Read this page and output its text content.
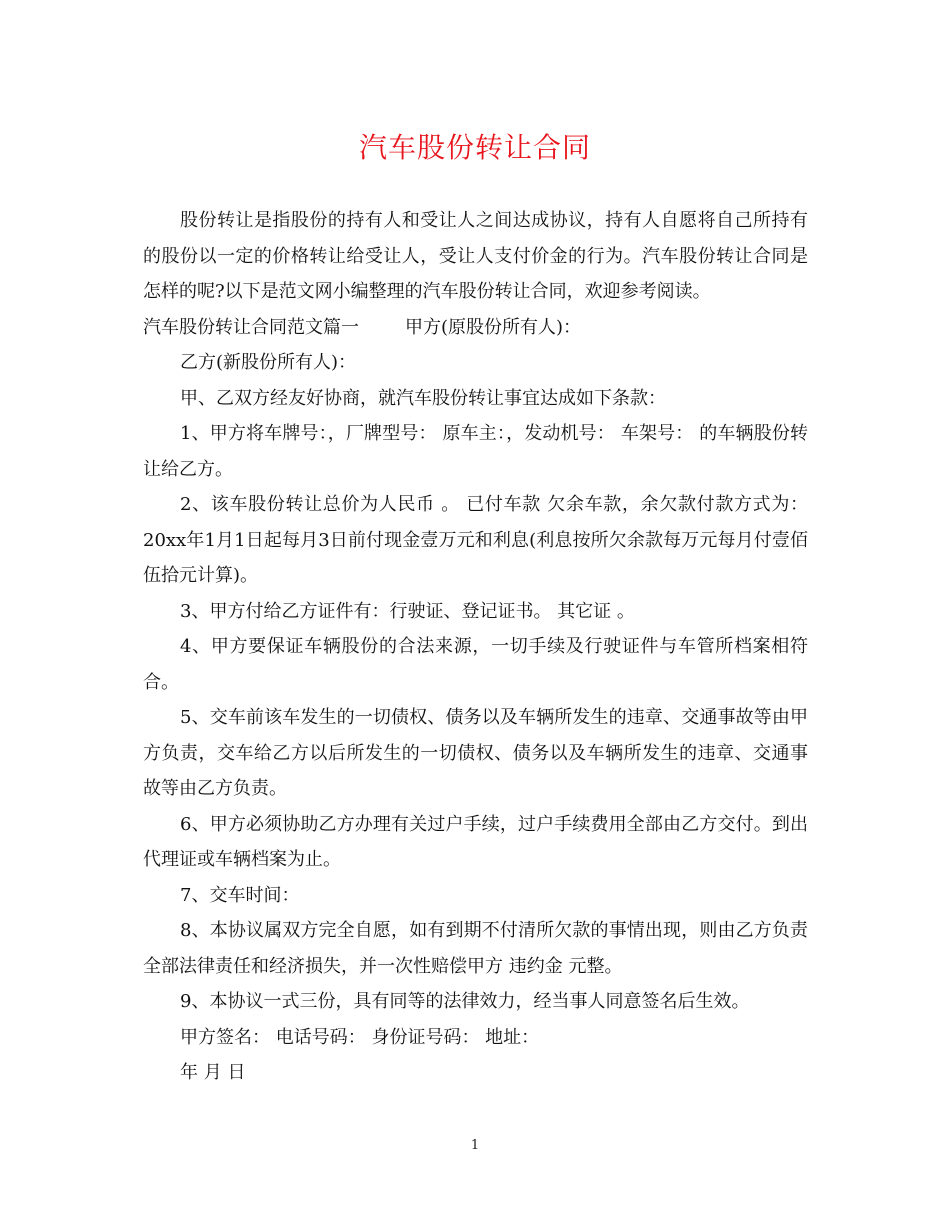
汽车股份转让合同

股份转让是指股份的持有人和受让人之间达成协议，持有人自愿将自己所持有的股份以一定的价格转让给受让人，受让人支付价金的行为。汽车股份转让合同是怎样的呢?以下是范文网小编整理的汽车股份转让合同，欢迎参考阅读。

汽车股份转让合同范文篇一	甲方(原股份所有人)：

乙方(新股份所有人)：

甲、乙双方经友好协商，就汽车股份转让事宜达成如下条款：

1、甲方将车牌号：，厂牌型号： 原车主：，发动机号： 车架号： 的车辆股份转让给乙方。

2、该车股份转让总价为人民币 。 已付车款 欠余车款，余欠款付款方式为：20xx年1月1日起每月3日前付现金壹万元和利息(利息按所欠余款每万元每月付壹佰伍拾元计算)。

3、甲方付给乙方证件有：行驶证、登记证书。 其它证 。

4、甲方要保证车辆股份的合法来源，一切手续及行驶证件与车管所档案相符合。

5、交车前该车发生的一切债权、债务以及车辆所发生的违章、交通事故等由甲方负责，交车给乙方以后所发生的一切债权、债务以及车辆所发生的违章、交通事故等由乙方负责。

6、甲方必须协助乙方办理有关过户手续，过户手续费用全部由乙方交付。到出代理证或车辆档案为止。

7、交车时间：

8、本协议属双方完全自愿，如有到期不付清所欠款的事情出现，则由乙方负责全部法律责任和经济损失，并一次性赔偿甲方 违约金 元整。

9、本协议一式三份，具有同等的法律效力，经当事人同意签名后生效。

甲方签名： 电话号码： 身份证号码： 地址：

年 月 日

1
